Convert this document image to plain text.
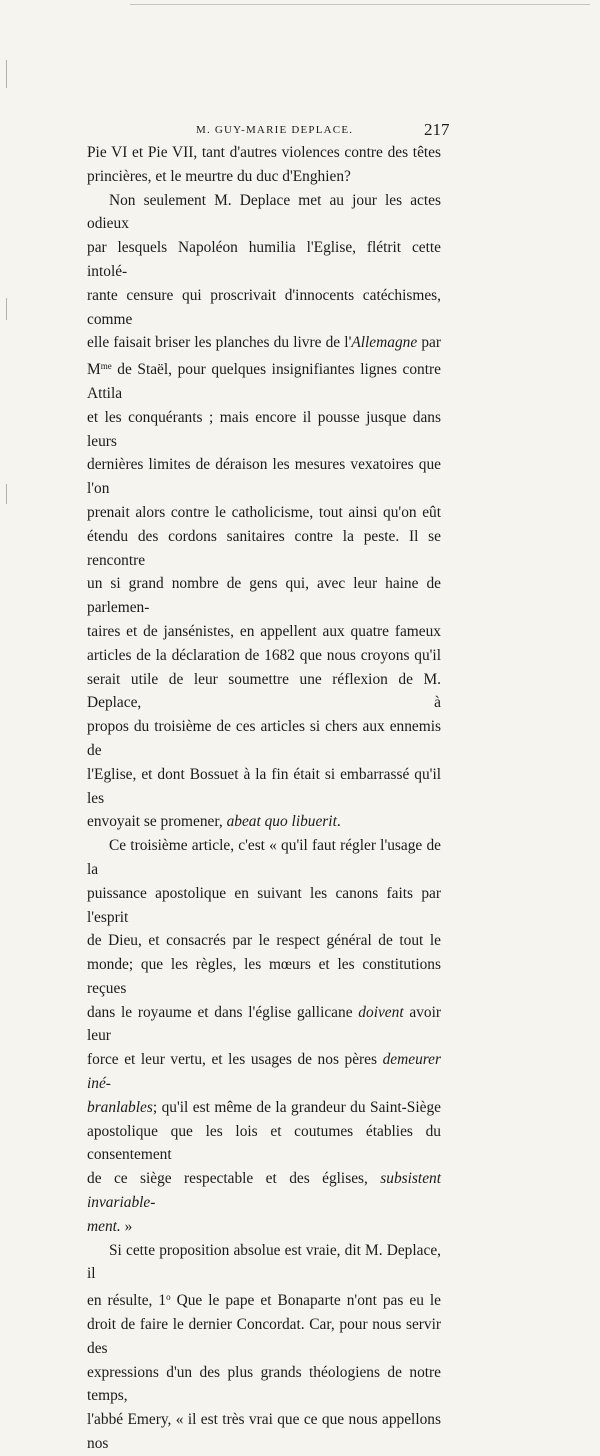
M. GUY-MARIE DEPLACE.	217

Pie VI et Pie VII, tant d'autres violences contre des têtes
princières, et le meurtre du duc d'Enghien?

Non seulement M. Deplace met au jour les actes odieux
par lesquels Napoléon humilia l'Eglise, flétrit cette intolé-
rante censure qui proscrivait d'innocents catéchismes, comme
elle faisait briser les planches du livre de l'Allemagne par
$M^{me}$ de Staël, pour quelques insignifiantes lignes contre Attila
et les conquérants ; mais encore il pousse jusque dans leurs
dernières limites de déraison les mesures vexatoires que l'on
prenait alors contre le catholicisme, tout ainsi qu'on eût
étendu des cordons sanitaires contre la peste. Il se rencontre
un si grand nombre de gens qui, avec leur haine de parlemen-
taires et de jansénistes, en appellent aux quatre fameux
articles de la déclaration de 1682 que nous croyons qu'il
serait utile de leur soumettre une réflexion de M. Deplace, à
propos du troisième de ces articles si chers aux ennemis de
l'Eglise, et dont Bossuet à la fin était si embarrassé qu'il les
envoyait se promener, abeat quo libuerit.

Ce troisième article, c'est « qu'il faut régler l'usage de la
puissance apostolique en suivant les canons faits par l'esprit
de Dieu, et consacrés par le respect général de tout le
monde; que les règles, les mœurs et les constitutions reçues
dans le royaume et dans l'église gallicane doivent avoir leur
force et leur vertu, et les usages de nos pères demeurer iné-
branlables; qu'il est même de la grandeur du Saint-Siège
apostolique que les lois et coutumes établies du consentement
de ce siège respectable et des églises, subsistent invariable-
ment. »

Si cette proposition absolue est vraie, dit M. Deplace, il
en résulte, 1$^o$ Que le pape et Bonaparte n'ont pas eu le
droit de faire le dernier Concordat. Car, pour nous servir des
expressions d'un des plus grands théologiens de notre temps,
l'abbé Emery, « il est très vrai que ce que nous appellons nos
